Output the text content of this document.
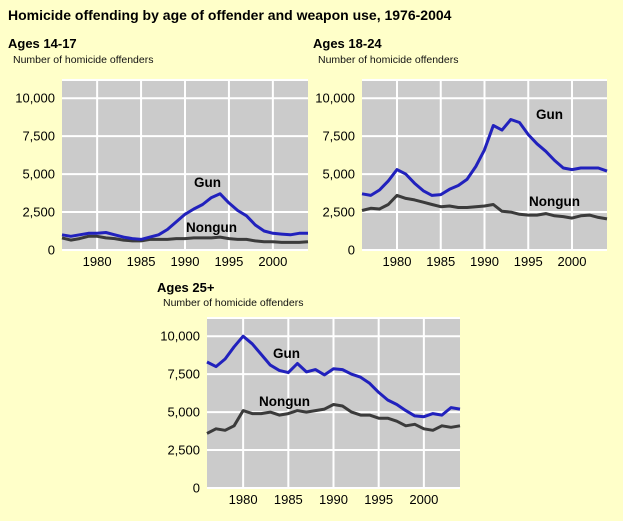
Homicide offending by age of offender and weapon use, 1976-2004
Ages 14-17
Number of homicide offenders
0
2,500
5,000
7,500
10,000
1980 1985 1990 1995 2000
Gun
Nongun
Ages 18-24
Number of homicide offenders
0
2,500
5,000
7,500
10,000
1980 1985 1990 1995 2000
Gun
Nongun
Ages 25+
Number of homicide offenders
0
2,500
5,000
7,500
10,000
1980 1985 1990 1995 2000
Gun
Nongun
